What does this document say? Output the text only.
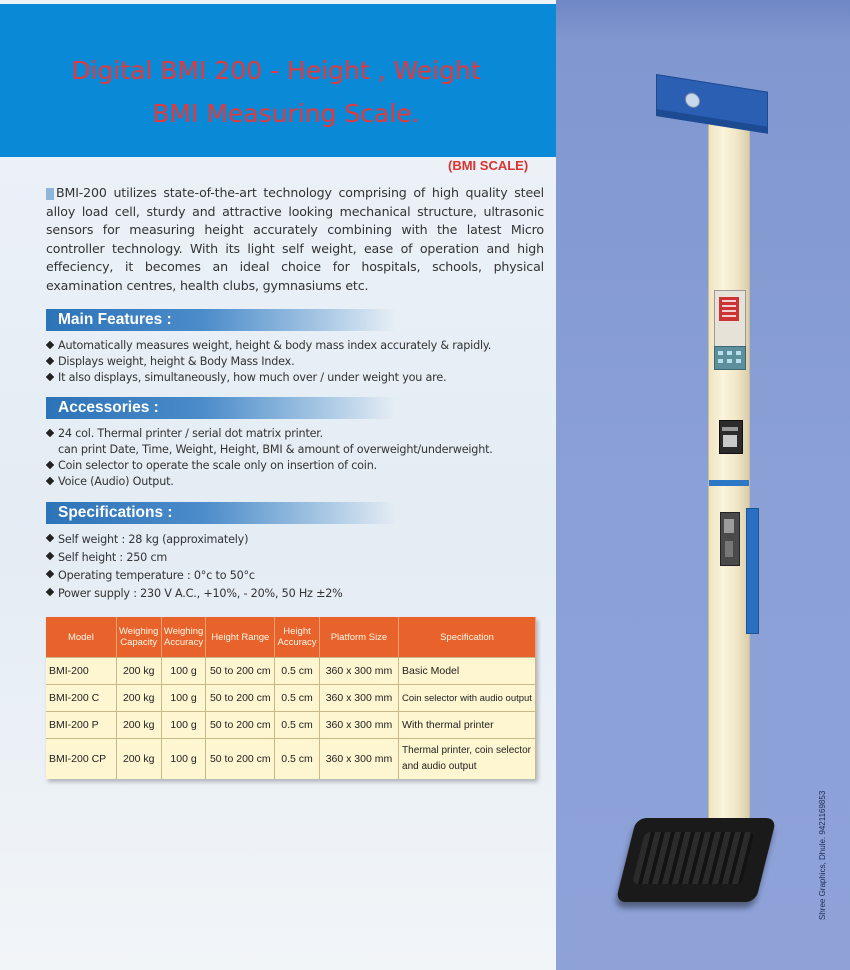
Digital BMI 200 - Height , Weight
BMI Measuring Scale.
(BMI SCALE)
BMI-200 utilizes state-of-the-art technology comprising of high quality steel alloy load cell, sturdy and attractive looking mechanical structure, ultrasonic sensors for measuring height accurately combining with the latest Micro controller technology. With its light self weight, ease of operation and high effeciency, it becomes an ideal choice for hospitals, schools, physical examination centres, health clubs, gymnasiums etc.
Main Features :
Automatically measures weight, height & body mass index accurately & rapidly.
Displays weight, height & Body Mass Index.
It also displays, simultaneously, how much over / under weight you are.
Accessories :
24 col. Thermal printer / serial dot matrix printer.
can print Date, Time, Weight, Height, BMI & amount of overweight/underweight.
Coin selector to operate the scale only on insertion of coin.
Voice (Audio) Output.
Specifications :
Self weight : 28 kg (approximately)
Self height : 250 cm
Operating temperature : 0°c to 50°c
Power supply : 230 V A.C., +10%, - 20%, 50 Hz ±2%
Model	Weighing Capacity	Weighing Accuracy	Height Range	Height Accuracy	Platform Size	Specification
BMI-200	200 kg	100 g	50 to 200 cm	0.5 cm	360 x 300 mm	Basic Model
BMI-200 C	200 kg	100 g	50 to 200 cm	0.5 cm	360 x 300 mm	Coin selector with audio output
BMI-200 P	200 kg	100 g	50 to 200 cm	0.5 cm	360 x 300 mm	With thermal printer
BMI-200 CP	200 kg	100 g	50 to 200 cm	0.5 cm	360 x 300 mm	Thermal printer, coin selector and audio output
Shree Graphics, Dhule. 9421169853
